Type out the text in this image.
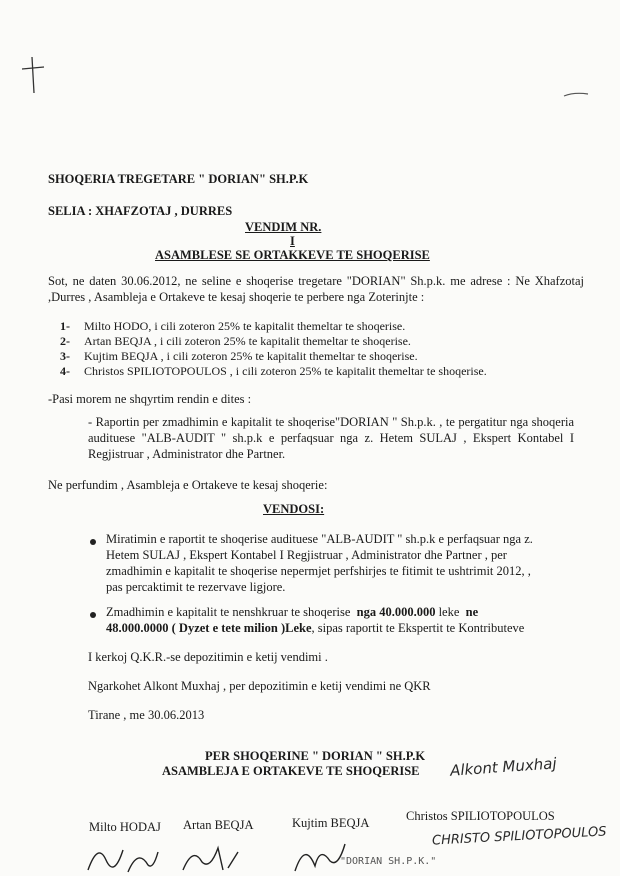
SHOQERIA TREGETARE " DORIAN" SH.P.K
SELIA : XHAFZOTAJ , DURRES
VENDIM NR.
I
ASAMBLESE SE ORTAKKEVE TE SHOQERISE
Sot, ne daten 30.06.2012, ne seline e shoqerise tregetare "DORIAN" Sh.p.k. me adrese : Ne Xhafzotaj ,Durres , Asambleja e Ortakeve te kesaj shoqerie te perbere nga Zoterinjte :
1- Milto HODO, i cili zoteron 25% te kapitalit themeltar te shoqerise.
2- Artan BEQJA , i cili zoteron 25% te kapitalit themeltar te shoqerise.
3- Kujtim BEQJA , i cili zoteron 25% te kapitalit themeltar te shoqerise.
4- Christos SPILIOTOPOULOS , i cili zoteron 25% te kapitalit themeltar te shoqerise.
-Pasi morem ne shqyrtim rendin e dites :
- Raportin per zmadhimin e kapitalit te shoqerise"DORIAN " Sh.p.k. , te pergatitur nga shoqeria audituese "ALB-AUDIT " sh.p.k e perfaqsuar nga z. Hetem SULAJ , Ekspert Kontabel I Regjistruar , Administrator dhe Partner.
Ne perfundim , Asambleja e Ortakeve te kesaj shoqerie:
VENDOSI:
Miratimin e raportit te shoqerise audituese "ALB-AUDIT " sh.p.k e perfaqsuar nga z. Hetem SULAJ , Ekspert Kontabel I Regjistruar , Administrator dhe Partner , per zmadhimin e kapitalit te shoqerise nepermjet perfshirjes te fitimit te ushtrimit 2012, , pas percaktimit te rezervave ligjore.
Zmadhimin e kapitalit te nenshkruar te shoqerise nga 40.000.000 leke ne
48.000.0000 ( Dyzet e tete milion )Leke, sipas raportit te Ekspertit te Kontributeve
I kerkoj Q.K.R.-se depozitimin e ketij vendimi .
Ngarkohet Alkont Muxhaj , per depozitimin e ketij vendimi ne QKR
Tirane , me 30.06.2013
PER SHOQERINE " DORIAN " SH.P.K
ASAMBLEJA E ORTAKEVE TE SHOQERISE Alkont Muxhaj
Milto HODAJ Artan BEQJA	Kujtim BEQJA	Christos SPILIOTOPOULOS
CHRISTO SPILIOTOPOULOS
"DORIAN SH.P.K."
